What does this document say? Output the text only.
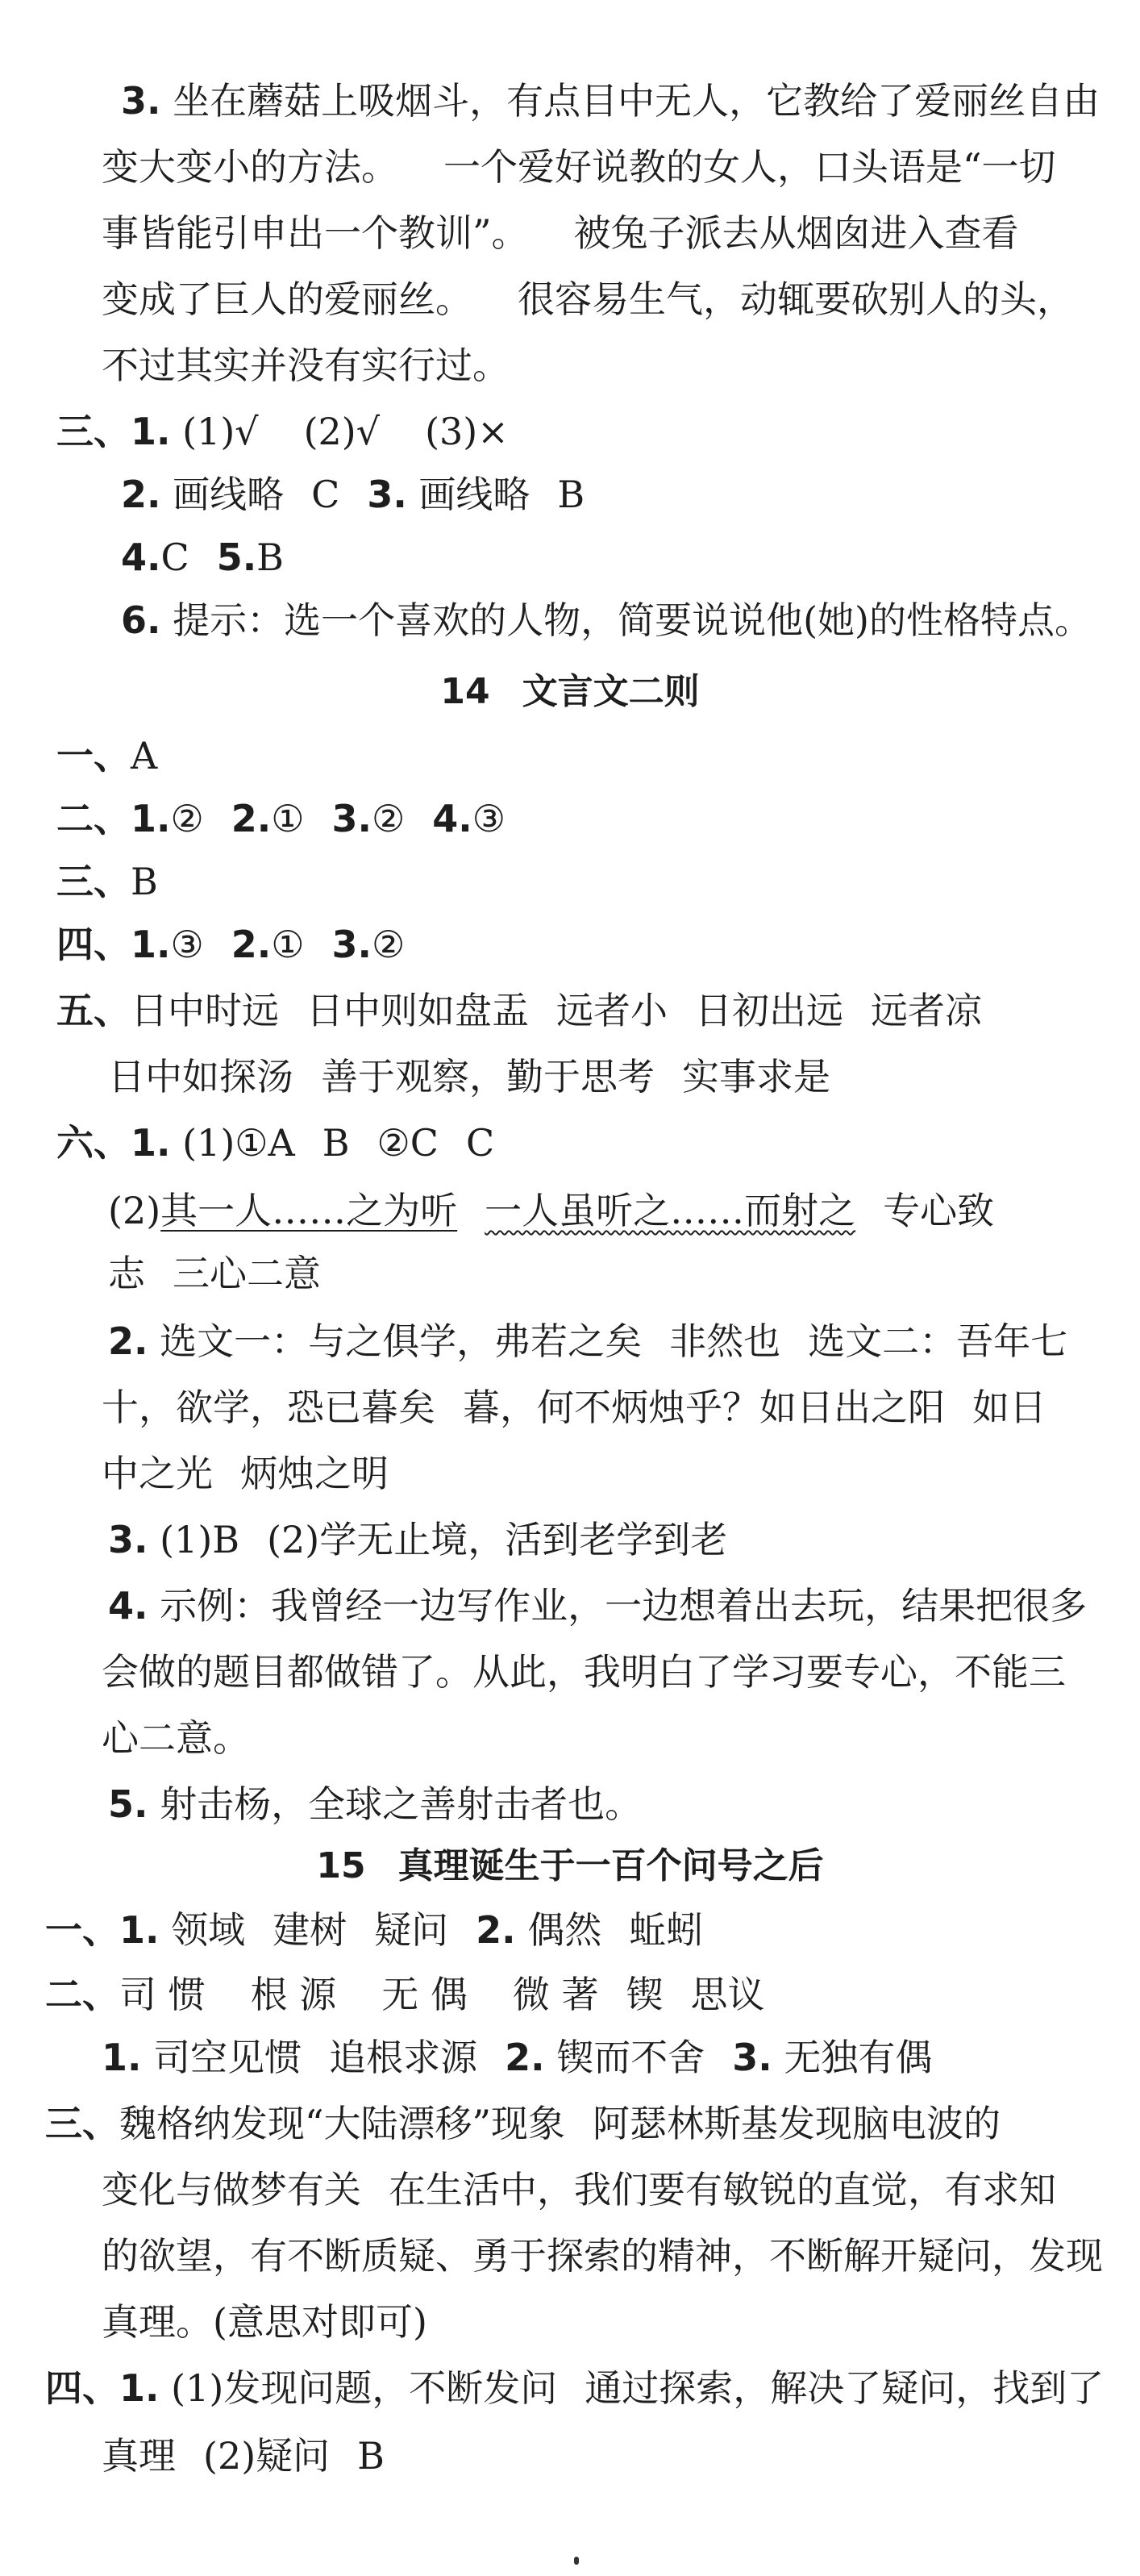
3. 坐在蘑菇上吸烟斗，有点目中无人，它教给了爱丽丝自由
变大变小的方法。 一个爱好说教的女人，口头语是“一切
事皆能引申出一个教训”。 被兔子派去从烟囱进入查看
变成了巨人的爱丽丝。 很容易生气，动辄要砍别人的头，
不过其实并没有实行过。
三、1. (1)√ (2)√ (3)×
2. 画线略 C 3. 画线略 B
4.C 5.B
6. 提示：选一个喜欢的人物，简要说说他(她)的性格特点。
14 文言文二则
一、A
二、1.② 2.① 3.② 4.③
三、B
四、1.③ 2.① 3.②
五、日中时远 日中则如盘盂 远者小 日初出远 远者凉
日中如探汤 善于观察，勤于思考 实事求是
六、1. (1)①A B ②C C
(2)其一人……之为听 一人虽听之……而射之 专心致
志 三心二意
2. 选文一：与之俱学，弗若之矣 非然也 选文二：吾年七
十，欲学，恐已暮矣 暮，何不炳烛乎？如日出之阳 如日
中之光 炳烛之明
3. (1)B (2)学无止境，活到老学到老
4. 示例：我曾经一边写作业，一边想着出去玩，结果把很多
会做的题目都做错了。从此，我明白了学习要专心，不能三
心二意。
5. 射击杨，全球之善射击者也。
15 真理诞生于一百个问号之后
一、1. 领域 建树 疑问 2. 偶然 蚯蚓
二、司 惯 根 源 无 偶 微 著 锲 思议
1. 司空见惯 追根求源 2. 锲而不舍 3. 无独有偶
三、魏格纳发现“大陆漂移”现象 阿瑟林斯基发现脑电波的
变化与做梦有关 在生活中，我们要有敏锐的直觉，有求知
的欲望，有不断质疑、勇于探索的精神，不断解开疑问，发现
真理。(意思对即可)
四、1. (1)发现问题，不断发问 通过探索，解决了疑问，找到了
真理 (2)疑问 B
